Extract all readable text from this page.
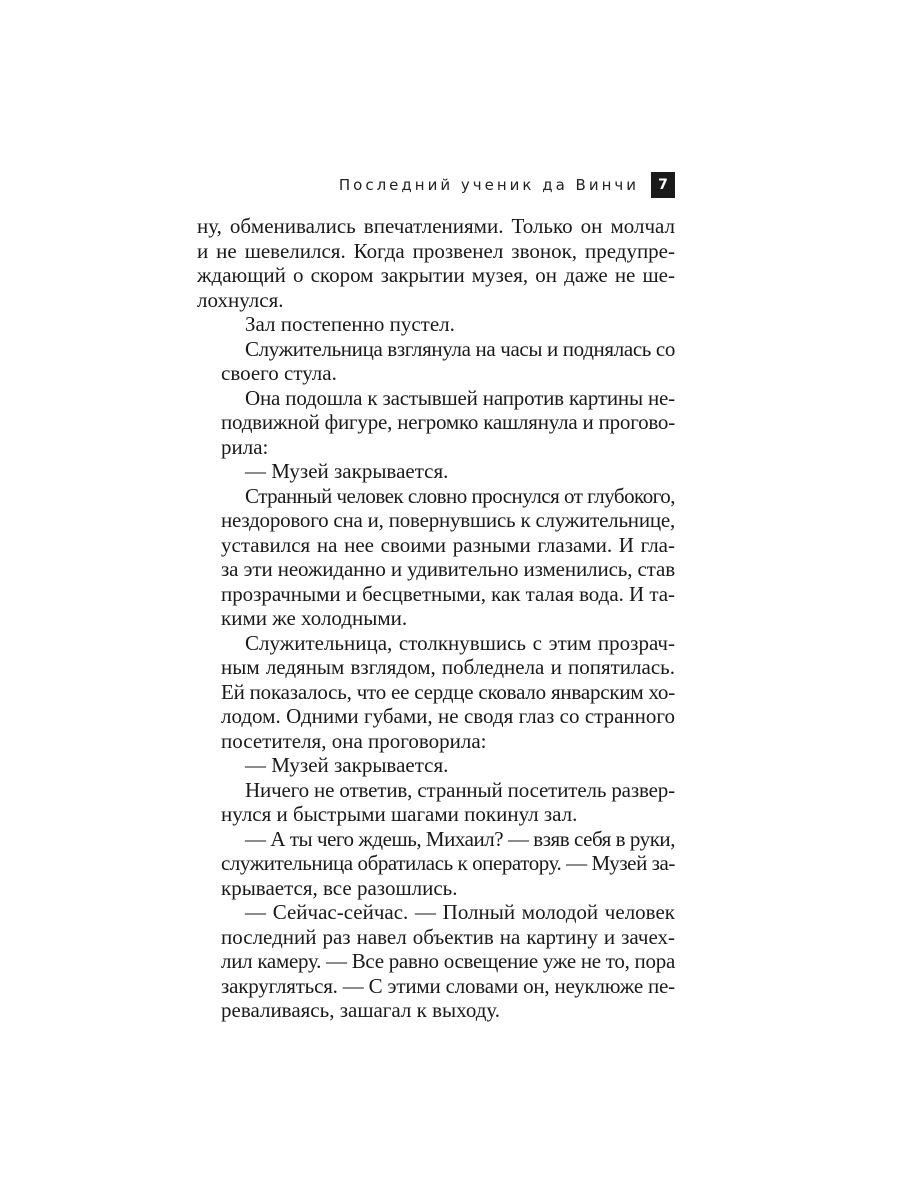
Последний ученик да Винчи	7

ну, обменивались впечатлениями. Только он молчал
и не шевелился. Когда прозвенел звонок, предупре-
ждающий о скором закрытии музея, он даже не ше-
лохнулся.

Зал постепенно пустел.

Служительница взглянула на часы и поднялась со
своего стула.

Она подошла к застывшей напротив картины не-
подвижной фигуре, негромко кашлянула и прогово-
рила:

— Музей закрывается.

Странный человек словно проснулся от глубокого,
нездорового сна и, повернувшись к служительнице,
уставился на нее своими разными глазами. И гла-
за эти неожиданно и удивительно изменились, став
прозрачными и бесцветными, как талая вода. И та-
кими же холодными.

Служительница, столкнувшись с этим прозрач-
ным ледяным взглядом, побледнела и попятилась.
Ей показалось, что ее сердце сковало январским хо-
лодом. Одними губами, не сводя глаз со странного
посетителя, она проговорила:

— Музей закрывается.

Ничего не ответив, странный посетитель развер-
нулся и быстрыми шагами покинул зал.

— А ты чего ждешь, Михаил? — взяв себя в руки,
служительница обратилась к оператору. — Музей за-
крывается, все разошлись.

— Сейчас-сейчас. — Полный молодой человек
последний раз навел объектив на картину и зачех-
лил камеру. — Все равно освещение уже не то, пора
закругляться. — С этими словами он, неуклюже пе-
реваливаясь, зашагал к выходу.
